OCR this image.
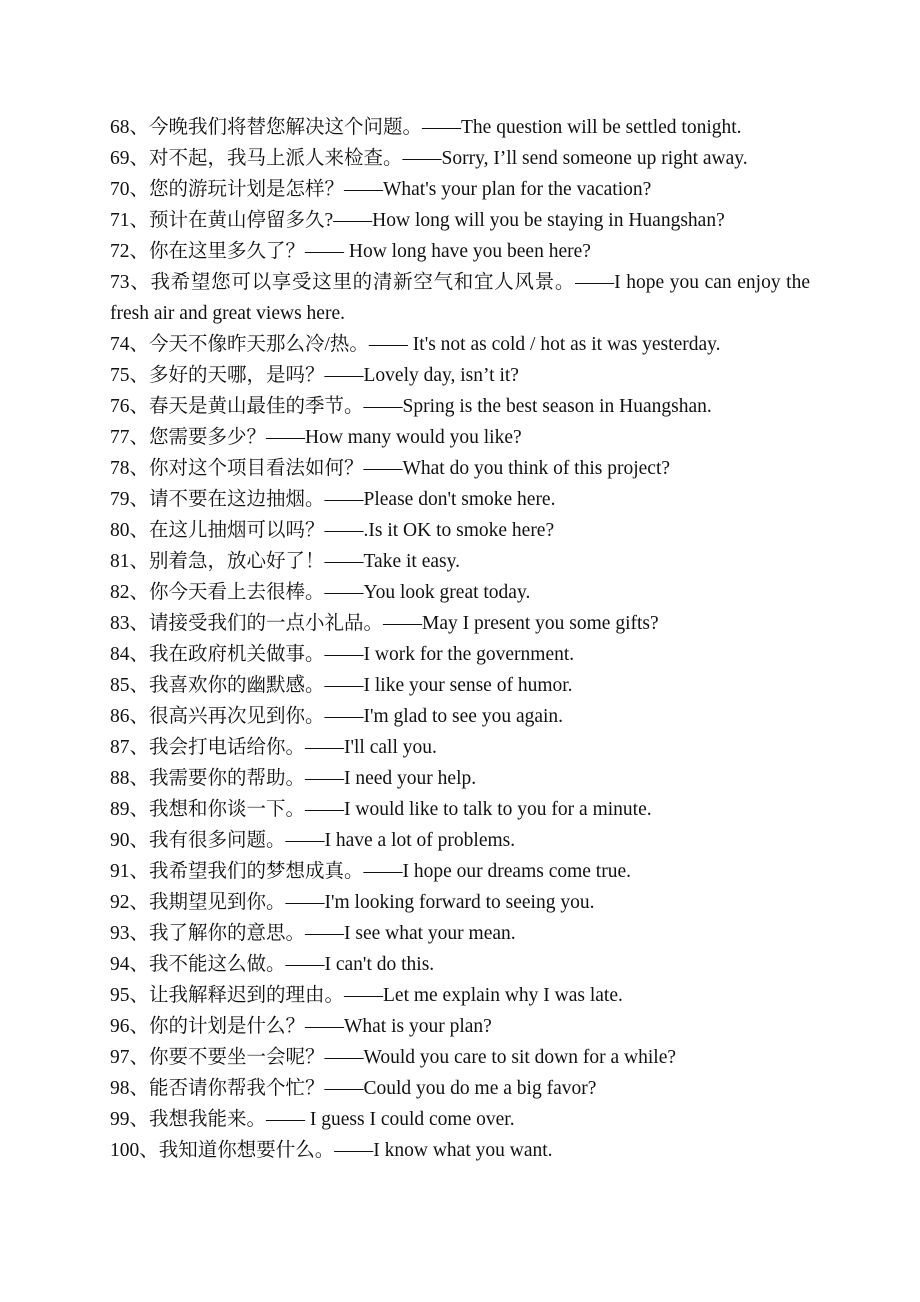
68、今晚我们将替您解决这个问题。——The question will be settled tonight.

69、对不起，我马上派人来检查。——Sorry, I’ll send someone up right away.

70、您的游玩计划是怎样？——What's your plan for the vacation?

71、预计在黄山停留多久?——How long will you be staying in Huangshan?

72、你在这里多久了？—— How long have you been here?

73、我希望您可以享受这里的清新空气和宜人风景。——I hope you can enjoy the fresh air and great views here.

74、今天不像昨天那么冷/热。—— It's not as cold / hot as it was yesterday.

75、多好的天哪，是吗？——Lovely day, isn’t it?

76、春天是黄山最佳的季节。——Spring is the best season in Huangshan.

77、您需要多少？——How many would you like?

78、你对这个项目看法如何？——What do you think of this project?

79、请不要在这边抽烟。——Please don't smoke here.

80、在这儿抽烟可以吗？——.Is it OK to smoke here?

81、别着急，放心好了！——Take it easy.

82、你今天看上去很棒。——You look great today.

83、请接受我们的一点小礼品。——May I present you some gifts?

84、我在政府机关做事。——I work for the government.

85、我喜欢你的幽默感。——I like your sense of humor.

86、很高兴再次见到你。——I'm glad to see you again.

87、我会打电话给你。——I'll call you.

88、我需要你的帮助。——I need your help.

89、我想和你谈一下。——I would like to talk to you for a minute.

90、我有很多问题。——I have a lot of problems.

91、我希望我们的梦想成真。——I hope our dreams come true.

92、我期望见到你。——I'm looking forward to seeing you.

93、我了解你的意思。——I see what your mean.

94、我不能这么做。——I can't do this.

95、让我解释迟到的理由。——Let me explain why I was late.

96、你的计划是什么？——What is your plan?

97、你要不要坐一会呢？——Would you care to sit down for a while?

98、能否请你帮我个忙？——Could you do me a big favor?

99、我想我能来。—— I guess I could come over.

100、我知道你想要什么。——I know what you want.
